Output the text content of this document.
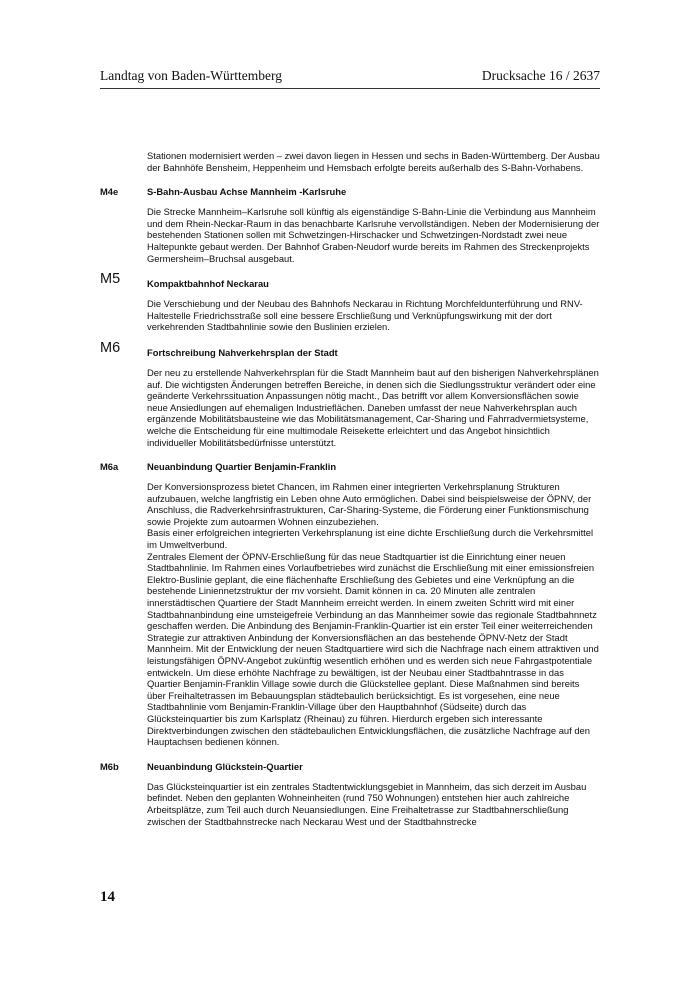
Landtag von Baden-Württemberg	Drucksache 16 / 2637

Stationen modernisiert werden – zwei davon liegen in Hessen und sechs in Baden-Württemberg. Der Ausbau der Bahnhöfe Bensheim, Heppenheim und Hemsbach erfolgte bereits außerhalb des S-Bahn-Vorhabens.

M4e	S-Bahn-Ausbau Achse Mannheim -Karlsruhe

Die Strecke Mannheim–Karlsruhe soll künftig als eigenständige S-Bahn-Linie die Verbindung aus Mannheim und dem Rhein-Neckar-Raum in das benachbarte Karlsruhe vervollständigen. Neben der Modernisierung der bestehenden Stationen sollen mit Schwetzingen-Hirschacker und Schwetzingen-Nordstadt zwei neue Haltepunkte gebaut werden. Der Bahnhof Graben-Neudorf wurde bereits im Rahmen des Streckenprojekts Germersheim–Bruchsal ausgebaut.

M5	Kompaktbahnhof Neckarau

Die Verschiebung und der Neubau des Bahnhofs Neckarau in Richtung Morchfeldunterführung und RNV-Haltestelle Friedrichsstraße soll eine bessere Erschließung und Verknüpfungswirkung mit der dort verkehrenden Stadtbahnlinie sowie den Buslinien erzielen.

M6	Fortschreibung Nahverkehrsplan der Stadt

Der neu zu erstellende Nahverkehrsplan für die Stadt Mannheim baut auf den bisherigen Nahverkehrsplänen auf. Die wichtigsten Änderungen betreffen Bereiche, in denen sich die Siedlungsstruktur verändert oder eine geänderte Verkehrssituation Anpassungen nötig macht., Das betrifft vor allem Konversionsflächen sowie neue Ansiedlungen auf ehemaligen Industrieflächen. Daneben umfasst der neue Nahverkehrsplan auch ergänzende Mobilitätsbausteine wie das Mobilitätsmanagement, Car-Sharing und Fahrradvermietsysteme, welche die Entscheidung für eine multimodale Reisekette erleichtert und das Angebot hinsichtlich individueller Mobilitätsbedürfnisse unterstützt.

M6a	Neuanbindung Quartier Benjamin-Franklin

Der Konversionsprozess bietet Chancen, im Rahmen einer integrierten Verkehrsplanung Strukturen aufzubauen, welche langfristig ein Leben ohne Auto ermöglichen. Dabei sind beispielsweise der ÖPNV, der Anschluss, die Radverkehrsinfrastrukturen, Car-Sharing-Systeme, die Förderung einer Funktionsmischung sowie Projekte zum autoarmen Wohnen einzubeziehen.

Basis einer erfolgreichen integrierten Verkehrsplanung ist eine dichte Erschließung durch die Verkehrsmittel im Umweltverbund.

Zentrales Element der ÖPNV-Erschließung für das neue Stadtquartier ist die Einrichtung einer neuen Stadtbahnlinie. Im Rahmen eines Vorlaufbetriebes wird zunächst die Erschließung mit einer emissionsfreien Elektro-Buslinie geplant, die eine flächenhafte Erschließung des Gebietes und eine Verknüpfung an die bestehende Liniennetzstruktur der rnv vorsieht. Damit können in ca. 20 Minuten alle zentralen innerstädtischen Quartiere der Stadt Mannheim erreicht werden. In einem zweiten Schritt wird mit einer Stadtbahnanbindung eine umsteigefreie Verbindung an das Mannheimer sowie das regionale Stadtbahnnetz geschaffen werden. Die Anbindung des Benjamin-Franklin-Quartier ist ein erster Teil einer weiterreichenden Strategie zur attraktiven Anbindung der Konversionsflächen an das bestehende ÖPNV-Netz der Stadt Mannheim. Mit der Entwicklung der neuen Stadtquartiere wird sich die Nachfrage nach einem attraktiven und leistungsfähigen ÖPNV-Angebot zukünftig wesentlich erhöhen und es werden sich neue Fahrgastpotentiale entwickeln. Um diese erhöhte Nachfrage zu bewältigen, ist der Neubau einer Stadtbahntrasse in das Quartier Benjamin-Franklin Village sowie durch die Glückstellee geplant. Diese Maßnahmen sind bereits über Freihaltetrassen im Bebauungsplan städtebaulich berücksichtigt. Es ist vorgesehen, eine neue Stadtbahnlinie vom Benjamin-Franklin-Village über den Hauptbahnhof (Südseite) durch das Glücksteinquartier bis zum Karlsplatz (Rheinau) zu führen. Hierdurch ergeben sich interessante Direktverbindungen zwischen den städtebaulichen Entwicklungsflächen, die zusätzliche Nachfrage auf den Hauptachsen bedienen können.

M6b	Neuanbindung Glückstein-Quartier

Das Glücksteinquartier ist ein zentrales Stadtentwicklungsgebiet in Mannheim, das sich derzeit im Ausbau befindet. Neben den geplanten Wohneinheiten (rund 750 Wohnungen) entstehen hier auch zahlreiche Arbeitsplätze, zum Teil auch durch Neuansiedlungen. Eine Freihaltetrasse zur Stadtbahnerschließung zwischen der Stadtbahnstrecke nach Neckarau West und der Stadtbahnstrecke

14
